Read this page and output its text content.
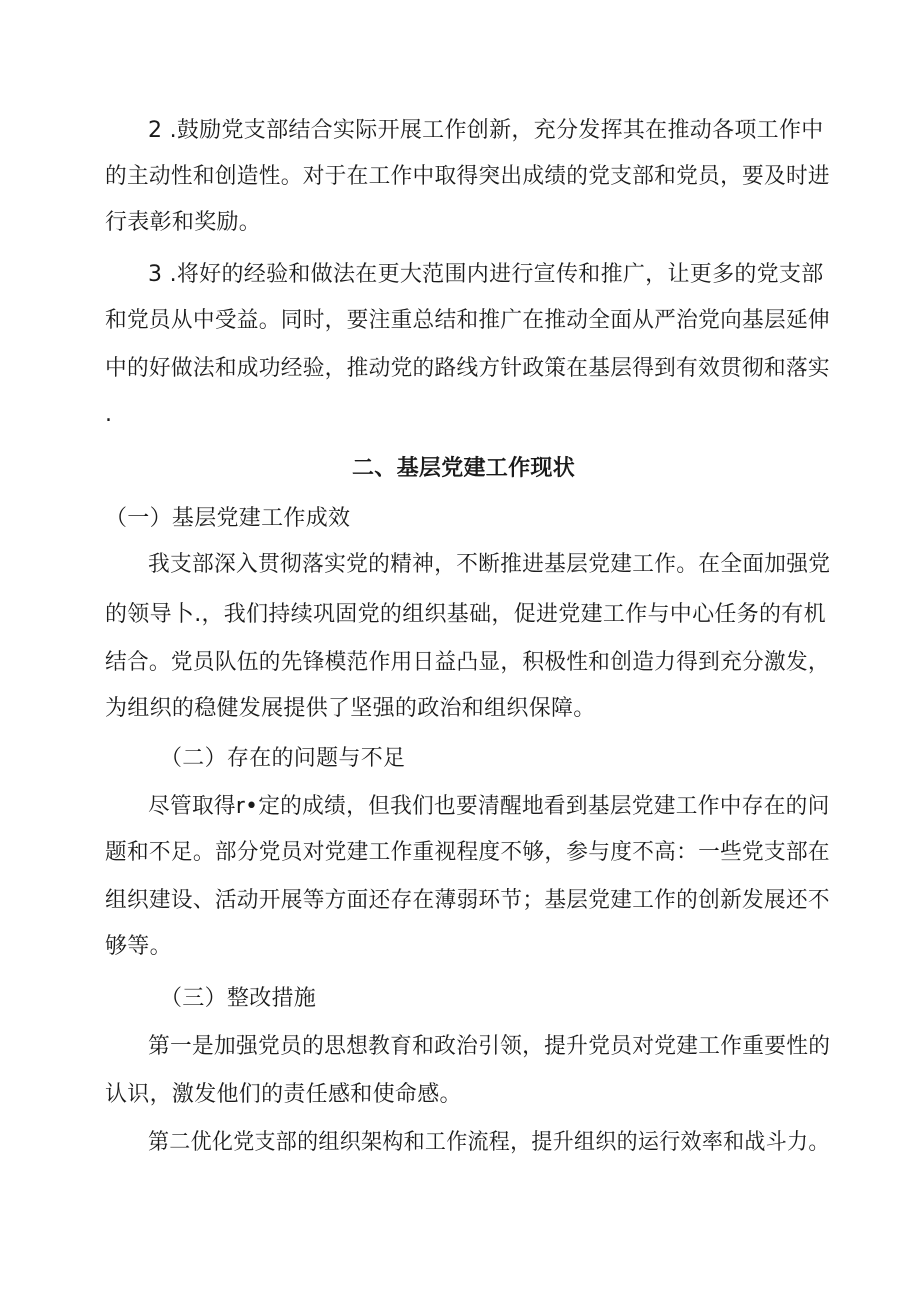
2 .鼓励党支部结合实际开展工作创新，充分发挥其在推动各项工作中
的主动性和创造性。对于在工作中取得突出成绩的党支部和党员，要及时进
行表彰和奖励。
3 .将好的经验和做法在更大范围内进行宣传和推广，让更多的党支部
和党员从中受益。同时，要注重总结和推广在推动全面从严治党向基层延伸
中的好做法和成功经验，推动党的路线方针政策在基层得到有效贯彻和落实
.
二、基层党建工作现状
（一）基层党建工作成效
我支部深入贯彻落实党的精神，不断推进基层党建工作。在全面加强党
的领导卜.，我们持续巩固党的组织基础，促进党建工作与中心任务的有机
结合。党员队伍的先锋模范作用日益凸显，积极性和创造力得到充分激发，
为组织的稳健发展提供了坚强的政治和组织保障。
（二）存在的问题与不足
尽管取得r•定的成绩，但我们也要清醒地看到基层党建工作中存在的问
题和不足。部分党员对党建工作重视程度不够，参与度不高：一些党支部在
组织建设、活动开展等方面还存在薄弱环节；基层党建工作的创新发展还不
够等。
（三）整改措施
第一是加强党员的思想教育和政治引领，提升党员对党建工作重要性的
认识，激发他们的责任感和使命感。
第二优化党支部的组织架构和工作流程，提升组织的运行效率和战斗力。
